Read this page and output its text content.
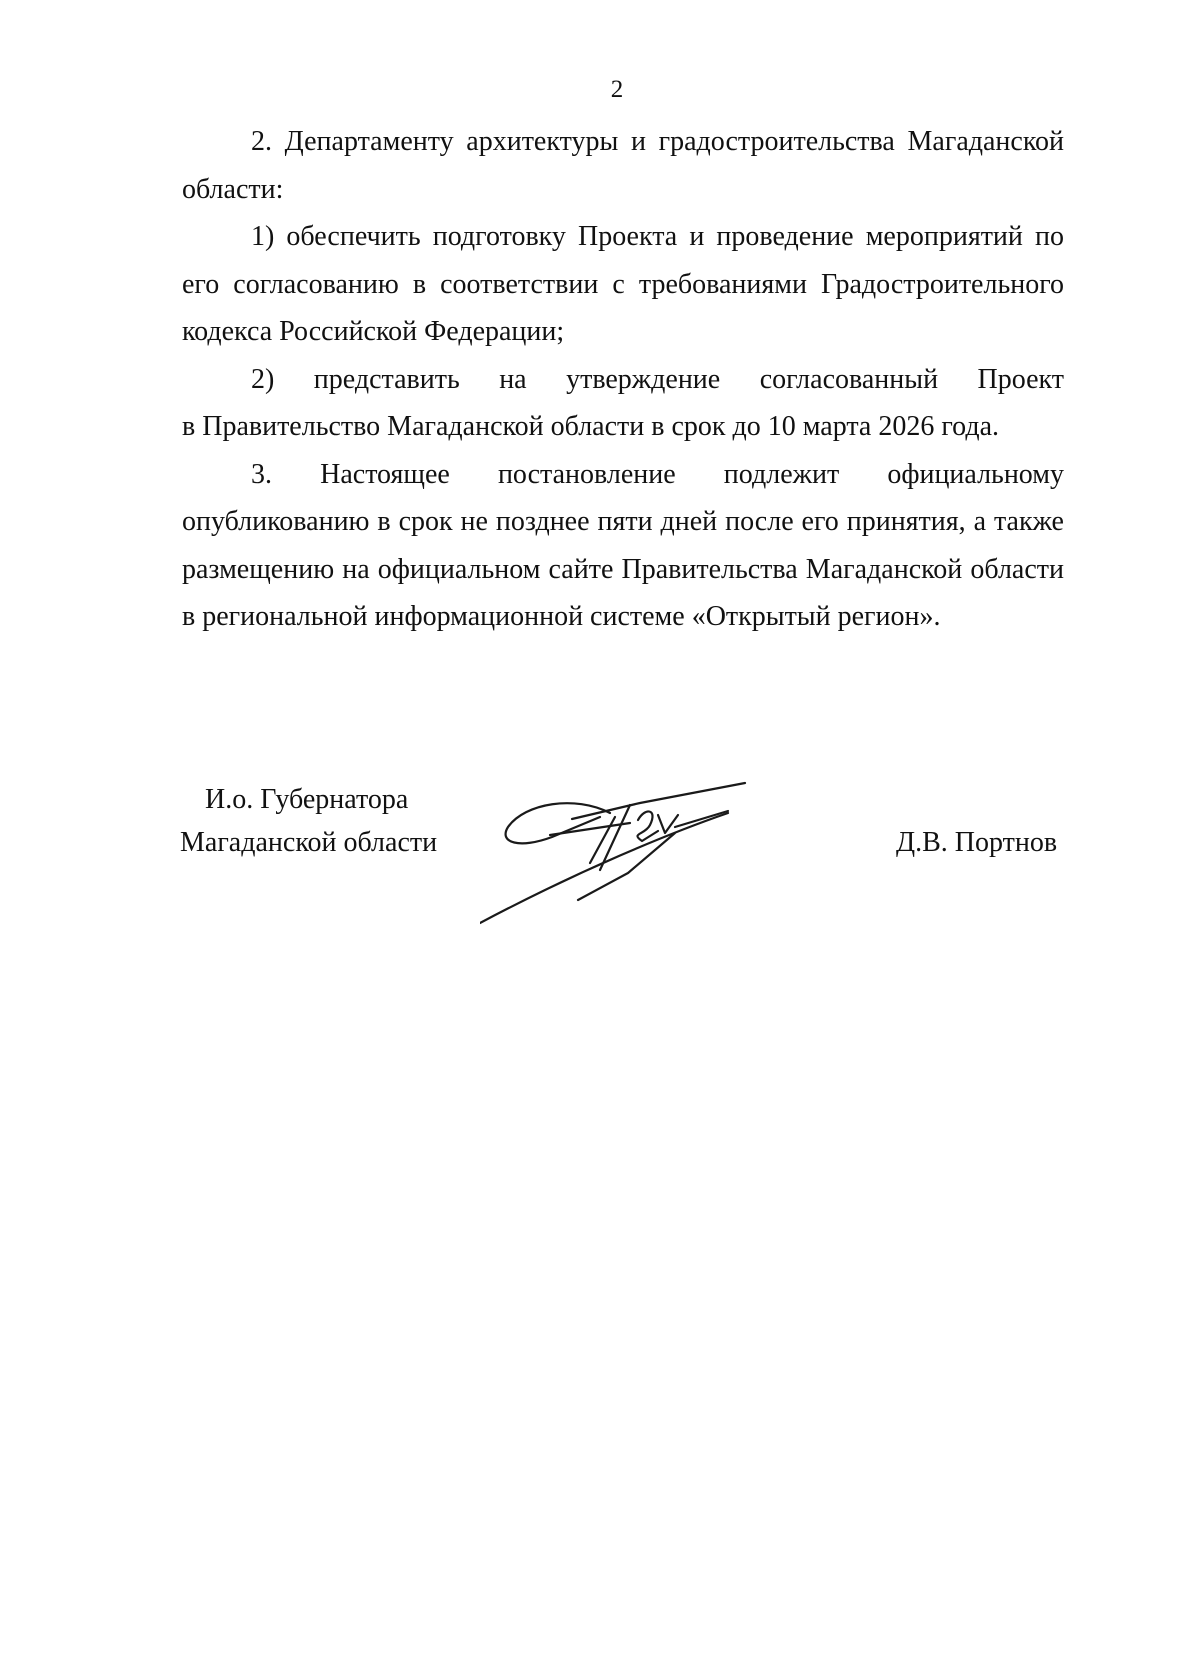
2

2. Департаменту архитектуры и градостроительства Магаданской

области:

1) обеспечить подготовку Проекта и проведение мероприятий по его согласованию в соответствии с требованиями Градостроительного кодекса Российской Федерации;

2) представить на утверждение согласованный Проект

в Правительство Магаданской области в срок до 10 марта 2026 года.

3. Настоящее постановление подлежит официальному

опубликованию в срок не позднее пяти дней после его принятия, а также размещению на официальном сайте Правительства Магаданской области в региональной информационной системе «Открытый регион».

И.о. Губернатора
Магаданской области	Д.В. Портнов
